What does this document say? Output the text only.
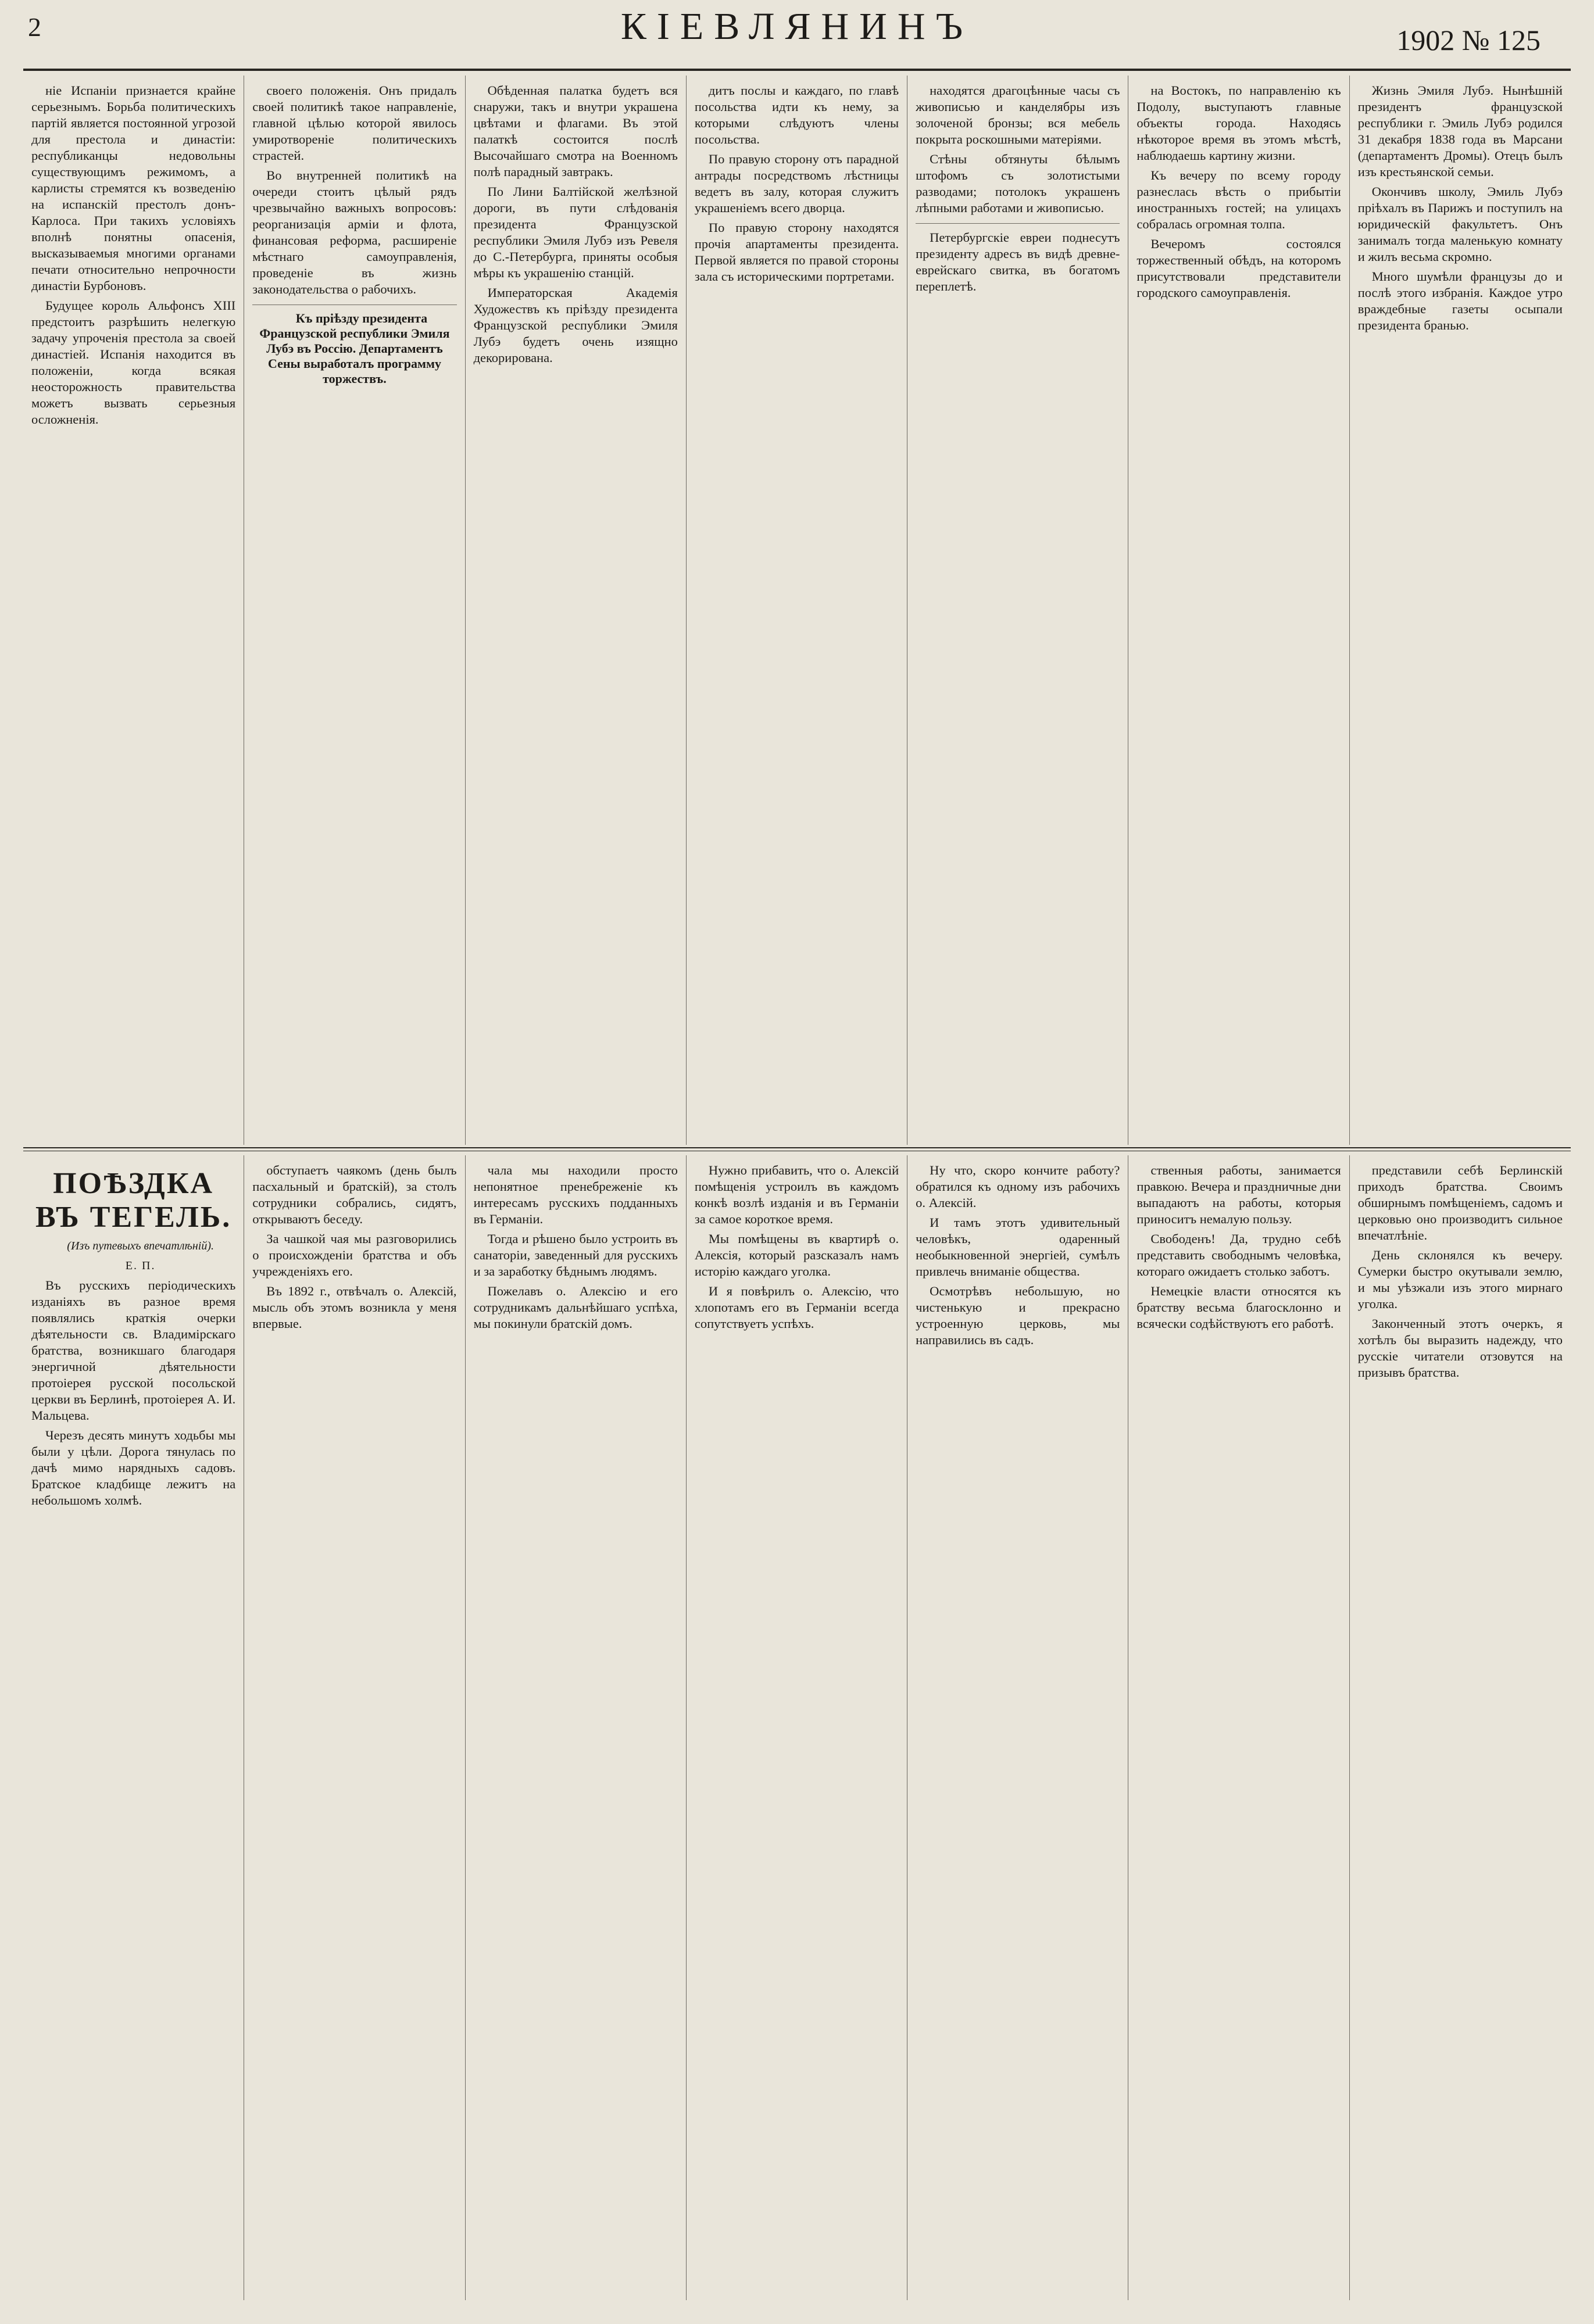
2	КІЕВЛЯНИНЪ	1902 № 125

ніе Испаніи признается крайне серьезнымъ. Борьба политическихъ партій является постоянной угрозой для престола и династіи: республиканцы недовольны существующимъ режимомъ, а карлисты стремятся къ возведенію на испанскій престолъ донъ-Карлоса. При такихъ условіяхъ вполнѣ понятны опасенія, высказываемыя многими органами печати относительно непрочности династіи Бурбоновъ.

Будущее король Альфонсъ XIII предстоитъ разрѣшить нелегкую задачу упроченія престола за своей династіей. Испанія находится въ положеніи, когда всякая неосторожность правительства можетъ вызвать серьезныя осложненія.

своего положенія. Онъ придалъ своей политикѣ такое направленіе, главной цѣлью которой явилось умиротвореніе политическихъ страстей.

Во внутренней политикѣ на очереди стоитъ цѣлый рядъ чрезвычайно важныхъ вопросовъ: реорганизація арміи и флота, финансовая реформа, расширеніе мѣстнаго самоуправленія, проведеніе въ жизнь законодательства о рабочихъ.

Къ пріѣзду президента Французской республики Эмиля Лубэ въ Россію. Департаментъ Сены выработалъ программу торжествъ.

Обѣденная палатка будетъ вся снаружи, такъ и внутри украшена цвѣтами и флагами. Въ этой палаткѣ состоится послѣ Высочайшаго смотра на Военномъ полѣ парадный завтракъ.

По Лини Балтійской желѣзной дороги, въ пути слѣдованія президента Французской республики Эмиля Лубэ изъ Ревеля до С.-Петербурга, приняты особыя мѣры къ украшенію станцій.

Императорская Академія Художествъ къ пріѣзду президента Французской республики Эмиля Лубэ будетъ очень изящно декорирована.

дитъ послы и каждаго, по главѣ посольства идти къ нему, за которыми слѣдуютъ члены посольства.

По правую сторону отъ парадной антрады посредствомъ лѣстницы ведетъ въ залу, которая служитъ украшеніемъ всего дворца.

По правую сторону находятся прочія апартаменты президента. Первой является по правой стороны зала съ историческими портретами.

находятся драгоцѣнные часы съ живописью и канделябры изъ золоченой бронзы; вся мебель покрыта роскошными матеріями.

Стѣны обтянуты бѣлымъ штофомъ съ золотистыми разводами; потолокъ украшенъ лѣпными работами и живописью.

Петербургскіе евреи поднесутъ президенту адресъ въ видѣ древне-еврейскаго свитка, въ богатомъ переплетѣ.

на Востокъ, по направленію къ Подолу, выступаютъ главные объекты города. Находясь нѣкоторое время въ этомъ мѣстѣ, наблюдаешь картину жизни.

Къ вечеру по всему городу разнеслась вѣсть о прибытіи иностранныхъ гостей; на улицахъ собралась огромная толпа.

Вечеромъ состоялся торжественный обѣдъ, на которомъ присутствовали представители городского самоуправленія.

Жизнь Эмиля Лубэ. Нынѣшній президентъ французской республики г. Эмиль Лубэ родился 31 декабря 1838 года въ Марсани (департаментъ Дромы). Отецъ былъ изъ крестьянской семьи.

Окончивъ школу, Эмиль Лубэ пріѣхалъ въ Парижъ и поступилъ на юридическій факультетъ. Онъ занималъ тогда маленькую комнату и жилъ весьма скромно.

Много шумѣли французы до и послѣ этого избранія. Каждое утро враждебные газеты осыпали президента бранью.

ПОѢЗДКА ВЪ ТЕГЕЛЬ.

(Изъ путевыхъ впечатлѣній).

Е. П.

Въ русскихъ періодическихъ изданіяхъ въ разное время появлялись краткія очерки дѣятельности св. Владимірскаго братства, возникшаго благодаря энергичной дѣятельности протоіерея русской посольской церкви въ Берлинѣ, протоіерея А. И. Мальцева.

Черезъ десять минутъ ходьбы мы были у цѣли. Дорога тянулась по дачѣ мимо нарядныхъ садовъ. Братское кладбище лежитъ на небольшомъ холмѣ.

обступаетъ чаякомъ (день былъ пасхальный и братскій), за столъ сотрудники собрались, сидятъ, открываютъ беседу.

За чашкой чая мы разговорились о происхожденіи братства и объ учрежденіяхъ его.

Въ 1892 г., отвѣчалъ о. Алексій, мысль объ этомъ возникла у меня впервые.

чала мы находили просто непонятное пренебреженіе къ интересамъ русскихъ подданныхъ въ Германіи.

Тогда и рѣшено было устроить въ санаторіи, заведенный для русскихъ и за заработку бѣднымъ людямъ.

Пожелавъ о. Алексію и его сотрудникамъ дальнѣйшаго успѣха, мы покинули братскій домъ.

Нужно прибавить, что о. Алексій помѣщенія устроилъ въ каждомъ конкѣ возлѣ изданія и въ Германіи за самое короткое время.

Мы помѣщены въ квартирѣ о. Алексія, который разсказалъ намъ исторію каждаго уголка.

И я повѣрилъ о. Алексію, что хлопотамъ его въ Германіи всегда сопутствуетъ успѣхъ.

Ну что, скоро кончите работу? обратился къ одному изъ рабочихъ о. Алексій.

И тамъ этотъ удивительный человѣкъ, одаренный необыкновенной энергіей, сумѣлъ привлечь вниманіе общества.

Осмотрѣвъ небольшую, но чистенькую и прекрасно устроенную церковь, мы направились въ садъ.

ственныя работы, занимается правкою. Вечера и праздничные дни выпадаютъ на работы, которыя приноситъ немалую пользу.

Свободенъ! Да, трудно себѣ представить свободнымъ человѣка, котораго ожидаетъ столько заботъ.

Немецкіе власти относятся къ братству весьма благосклонно и всячески содѣйствуютъ его работѣ.

представили себѣ Берлинскій приходъ братства. Своимъ обширнымъ помѣщеніемъ, садомъ и церковью оно производитъ сильное впечатлѣніе.

День склонялся къ вечеру. Сумерки быстро окутывали землю, и мы уѣзжали изъ этого мирнаго уголка.

Законченный этотъ очеркъ, я хотѣлъ бы выразить надежду, что русскіе читатели отзовутся на призывъ братства.
